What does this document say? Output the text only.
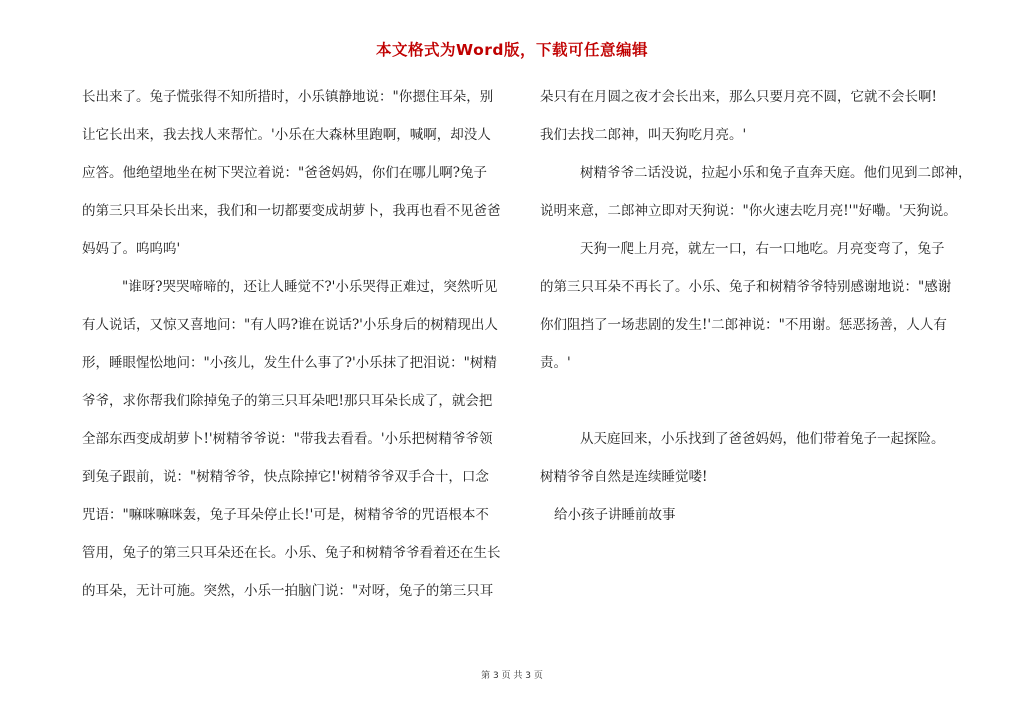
本文格式为Word版，下载可任意编辑
长出来了。兔子慌张得不知所措时，小乐镇静地说："你摁住耳朵，别
让它长出来，我去找人来帮忙。'小乐在大森林里跑啊，喊啊，却没人
应答。他绝望地坐在树下哭泣着说："爸爸妈妈，你们在哪儿啊?兔子
的第三只耳朵长出来，我们和一切都要变成胡萝卜，我再也看不见爸爸
妈妈了。呜呜呜'
"谁呀?哭哭啼啼的，还让人睡觉不?'小乐哭得正难过，突然听见
有人说话，又惊又喜地问："有人吗?谁在说话?'小乐身后的树精现出人
形，睡眼惺忪地问："小孩儿，发生什么事了?'小乐抹了把泪说："树精
爷爷，求你帮我们除掉兔子的第三只耳朵吧!那只耳朵长成了，就会把
全部东西变成胡萝卜!'树精爷爷说："带我去看看。'小乐把树精爷爷领
到兔子跟前，说："树精爷爷，快点除掉它!'树精爷爷双手合十，口念
咒语："嘛咪嘛咪轰，兔子耳朵停止长!'可是，树精爷爷的咒语根本不
管用，兔子的第三只耳朵还在长。小乐、兔子和树精爷爷看着还在生长
的耳朵，无计可施。突然，小乐一拍脑门说："对呀，兔子的第三只耳
朵只有在月圆之夜才会长出来，那么只要月亮不圆，它就不会长啊!
我们去找二郎神，叫天狗吃月亮。'
树精爷爷二话没说，拉起小乐和兔子直奔天庭。他们见到二郎神，
说明来意，二郎神立即对天狗说："你火速去吃月亮!'"好嘞。'天狗说。
天狗一爬上月亮，就左一口，右一口地吃。月亮变弯了，兔子
的第三只耳朵不再长了。小乐、兔子和树精爷爷特别感谢地说："感谢
你们阻挡了一场悲剧的发生!'二郎神说："不用谢。惩恶扬善，人人有
责。'
从天庭回来，小乐找到了爸爸妈妈，他们带着兔子一起探险。
树精爷爷自然是连续睡觉喽!
给小孩子讲睡前故事
第 3 页 共 3 页
